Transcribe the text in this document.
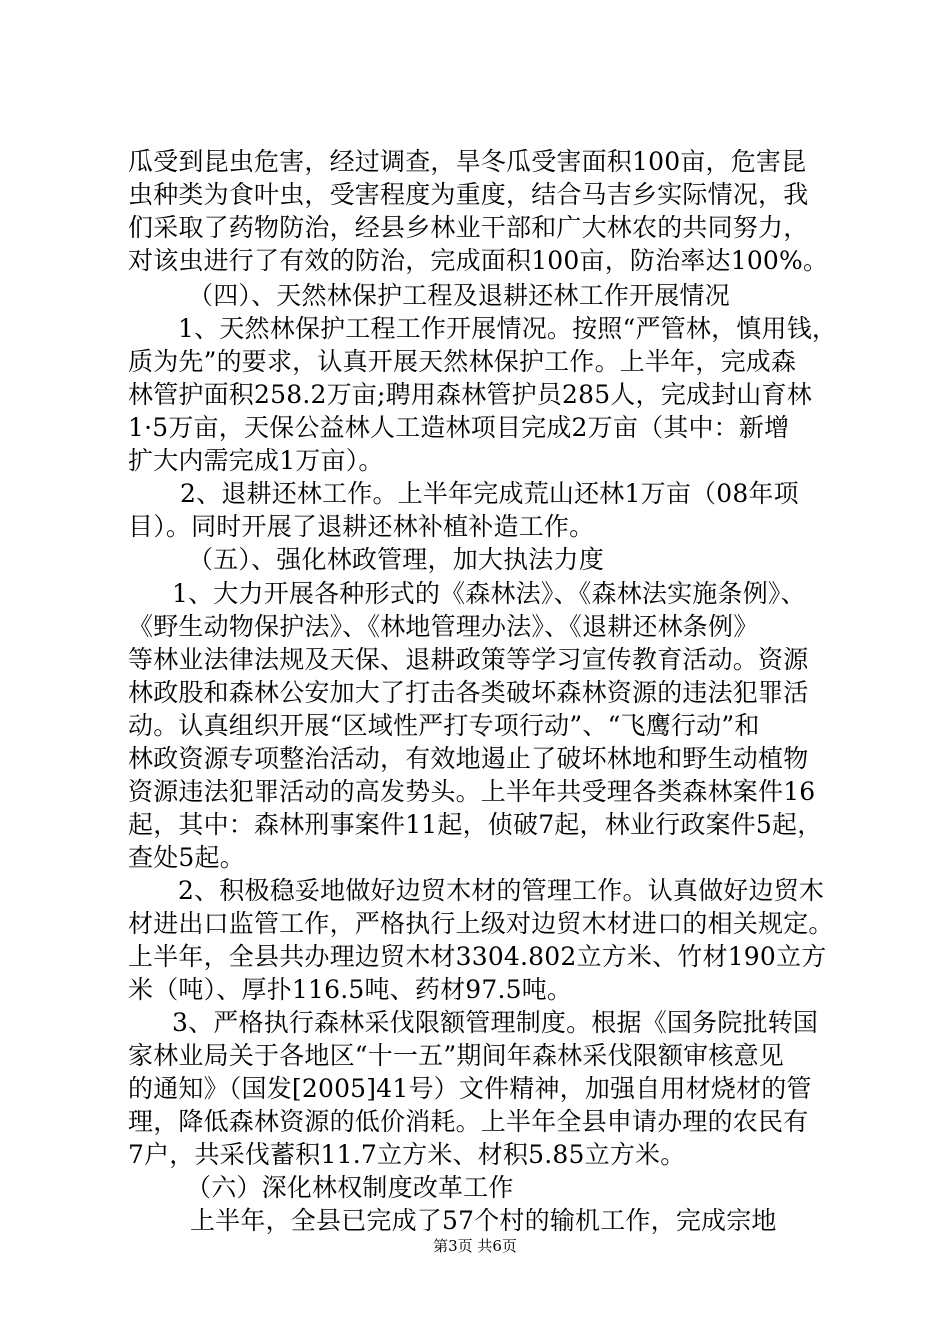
瓜受到昆虫危害，经过调查，旱冬瓜受害面积100亩，危害昆
虫种类为食叶虫，受害程度为重度，结合马吉乡实际情况，我
们采取了药物防治，经县乡林业干部和广大林农的共同努力，
对该虫进行了有效的防治，完成面积100亩，防治率达100%。
（四）、天然林保护工程及退耕还林工作开展情况
1、天然林保护工程工作开展情况。按照“严管林，慎用钱，
质为先”的要求，认真开展天然林保护工作。上半年，完成森
林管护面积258.2万亩;聘用森林管护员285人，完成封山育林
1·5万亩，天保公益林人工造林项目完成2万亩（其中：新增
扩大内需完成1万亩）。
2、退耕还林工作。上半年完成荒山还林1万亩（08年项
目）。同时开展了退耕还林补植补造工作。
（五）、强化林政管理，加大执法力度
1、大力开展各种形式的《森林法》、《森林法实施条例》、
《野生动物保护法》、《林地管理办法》、《退耕还林条例》
等林业法律法规及天保、退耕政策等学习宣传教育活动。资源
林政股和森林公安加大了打击各类破坏森林资源的违法犯罪活
动。认真组织开展“区域性严打专项行动”、“飞鹰行动”和
林政资源专项整治活动，有效地遏止了破坏林地和野生动植物
资源违法犯罪活动的高发势头。上半年共受理各类森林案件16
起，其中：森林刑事案件11起，侦破7起，林业行政案件5起，
查处5起。
2、积极稳妥地做好边贸木材的管理工作。认真做好边贸木
材进出口监管工作，严格执行上级对边贸木材进口的相关规定。
上半年，全县共办理边贸木材3304.802立方米、竹材190立方
米（吨）、厚扑116.5吨、药材97.5吨。
3、严格执行森林采伐限额管理制度。根据《国务院批转国
家林业局关于各地区“十一五”期间年森林采伐限额审核意见
的通知》（国发[2005]41号）文件精神，加强自用材烧材的管
理，降低森林资源的低价消耗。上半年全县申请办理的农民有
7户，共采伐蓄积11.7立方米、材积5.85立方米。
（六）深化林权制度改革工作
上半年，全县已完成了57个村的输机工作，完成宗地
第3页 共6页
